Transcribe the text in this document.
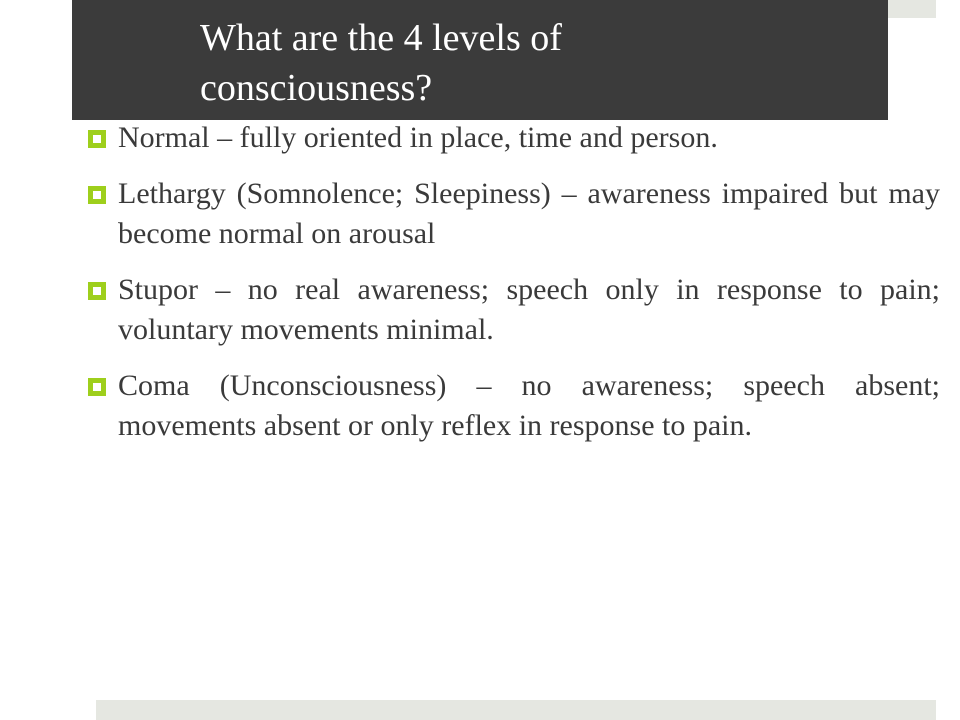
What are the 4 levels of
consciousness?
Normal – fully oriented in place, time and person.
Lethargy (Somnolence; Sleepiness) – awareness impaired but may become normal on arousal
Stupor – no real awareness; speech only in response to pain; voluntary movements minimal.
Coma (Unconsciousness) – no awareness; speech absent; movements absent or only reflex in response to pain.
